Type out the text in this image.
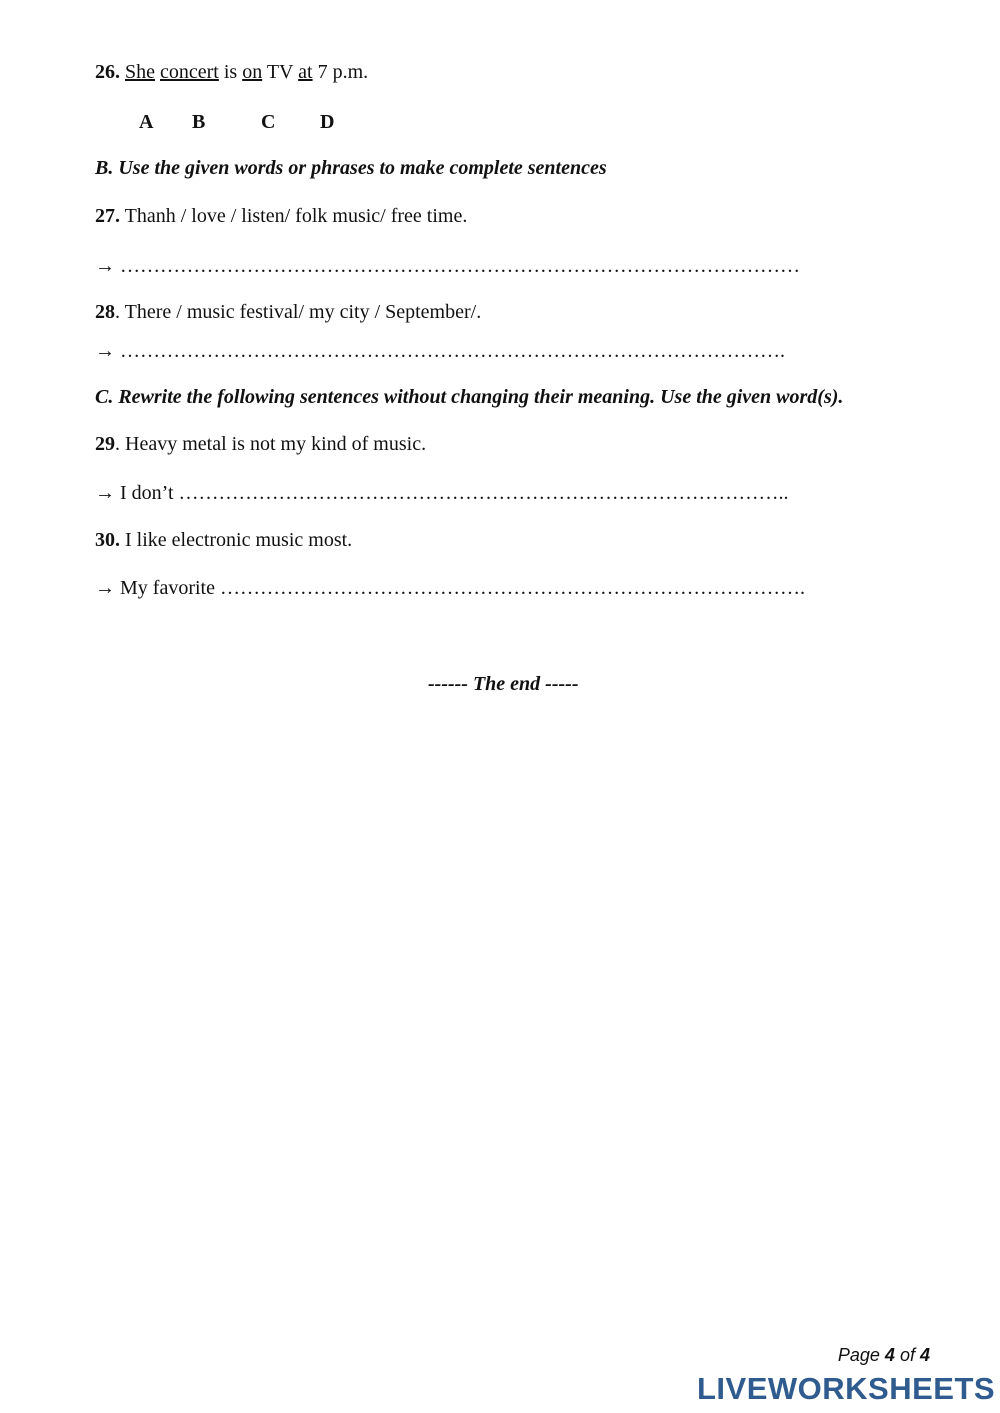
26. She concert is on TV at 7 p.m.
A B	C D
B. Use the given words or phrases to make complete sentences
27. Thanh / love / listen/ folk music/ free time.
→ …………………………………………………………………………………………
28. There / music festival/ my city / September/.
→ ……………………………………………………………………………………….
C. Rewrite the following sentences without changing their meaning. Use the given word(s).
29. Heavy metal is not my kind of music.
→ I don’t ………………………………………………………………………………..
30. I like electronic music most.
→ My favorite …………………………………………………………………………….
------ The end -----
Page 4 of 4
LIVEWORKSHEETS
